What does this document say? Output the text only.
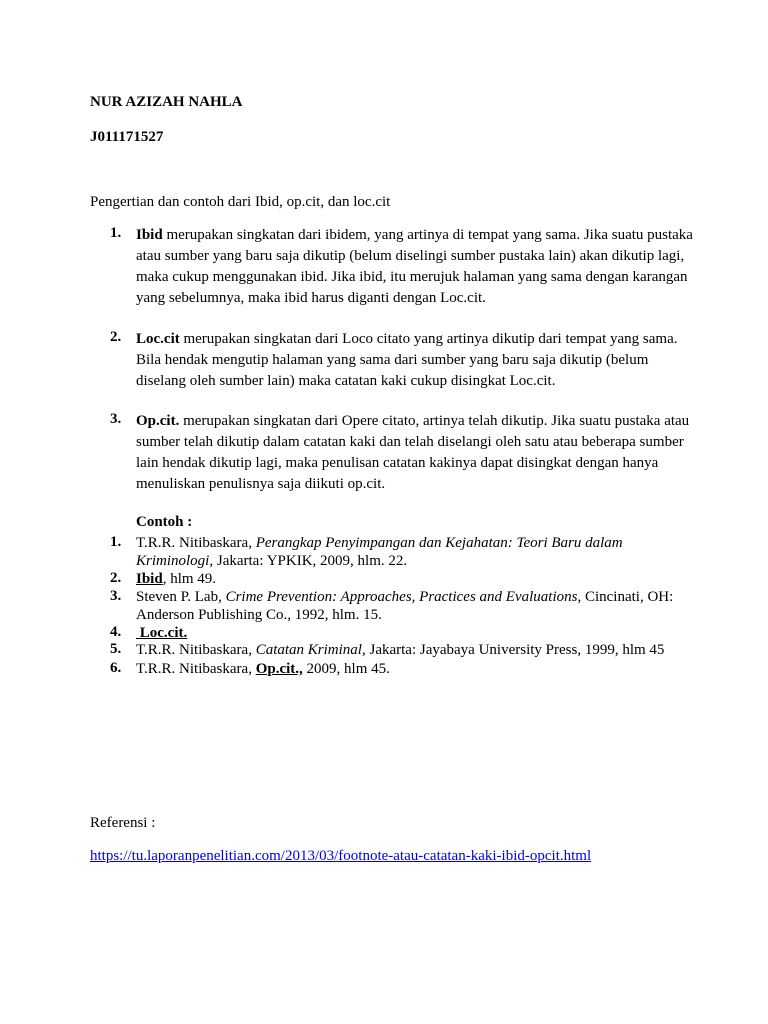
NUR AZIZAH NAHLA
J011171527
Pengertian dan contoh dari Ibid, op.cit, dan loc.cit
1. Ibid merupakan singkatan dari ibidem, yang artinya di tempat yang sama. Jika suatu pustaka atau sumber yang baru saja dikutip (belum diselingi sumber pustaka lain) akan dikutip lagi, maka cukup menggunakan ibid. Jika ibid, itu merujuk halaman yang sama dengan karangan yang sebelumnya, maka ibid harus diganti dengan Loc.cit.
2. Loc.cit merupakan singkatan dari Loco citato yang artinya dikutip dari tempat yang sama. Bila hendak mengutip halaman yang sama dari sumber yang baru saja dikutip (belum diselang oleh sumber lain) maka catatan kaki cukup disingkat Loc.cit.
3. Op.cit. merupakan singkatan dari Opere citato, artinya telah dikutip. Jika suatu pustaka atau sumber telah dikutip dalam catatan kaki dan telah diselangi oleh satu atau beberapa sumber lain hendak dikutip lagi, maka penulisan catatan kakinya dapat disingkat dengan hanya menuliskan penulisnya saja diikuti op.cit.
Contoh :
1. T.R.R. Nitibaskara, Perangkap Penyimpangan dan Kejahatan: Teori Baru dalam Kriminologi, Jakarta: YPKIK, 2009, hlm. 22.
2. Ibid, hlm 49.
3. Steven P. Lab, Crime Prevention: Approaches, Practices and Evaluations, Cincinati, OH: Anderson Publishing Co., 1992, hlm. 15.
4. Loc.cit.
5. T.R.R. Nitibaskara, Catatan Kriminal, Jakarta: Jayabaya University Press, 1999, hlm 45
6. T.R.R. Nitibaskara, Op.cit., 2009, hlm 45.
Referensi :
https://tu.laporanpenelitian.com/2013/03/footnote-atau-catatan-kaki-ibid-opcit.html
